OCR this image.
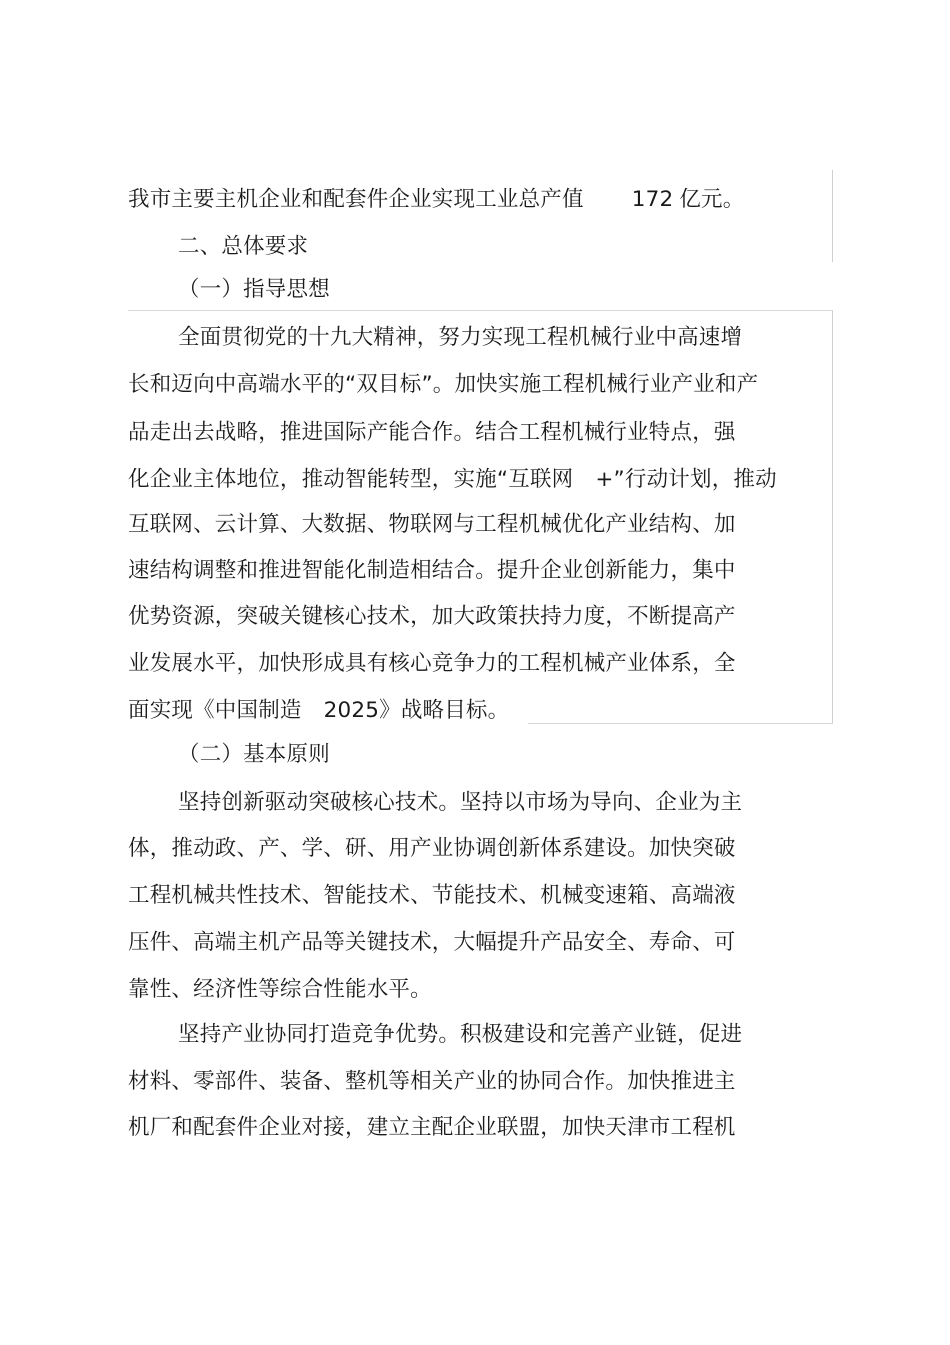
我市主要主机企业和配套件企业实现工业总产值 172 亿元。
二、总体要求
（一）指导思想
全面贯彻党的十九大精神，努力实现工程机械行业中高速增
长和迈向中高端水平的“双目标”。加快实施工程机械行业产业和产
品走出去战略，推进国际产能合作。结合工程机械行业特点，强
化企业主体地位，推动智能转型，实施“互联网 +”行动计划，推动
互联网、云计算、大数据、物联网与工程机械优化产业结构、加
速结构调整和推进智能化制造相结合。提升企业创新能力，集中
优势资源，突破关键核心技术，加大政策扶持力度，不断提高产
业发展水平，加快形成具有核心竞争力的工程机械产业体系，全
面实现《中国制造 2025》战略目标。
（二）基本原则
坚持创新驱动突破核心技术。坚持以市场为导向、企业为主
体，推动政、产、学、研、用产业协调创新体系建设。加快突破
工程机械共性技术、智能技术、节能技术、机械变速箱、高端液
压件、高端主机产品等关键技术，大幅提升产品安全、寿命、可
靠性、经济性等综合性能水平。
坚持产业协同打造竞争优势。积极建设和完善产业链，促进
材料、零部件、装备、整机等相关产业的协同合作。加快推进主
机厂和配套件企业对接，建立主配企业联盟，加快天津市工程机
